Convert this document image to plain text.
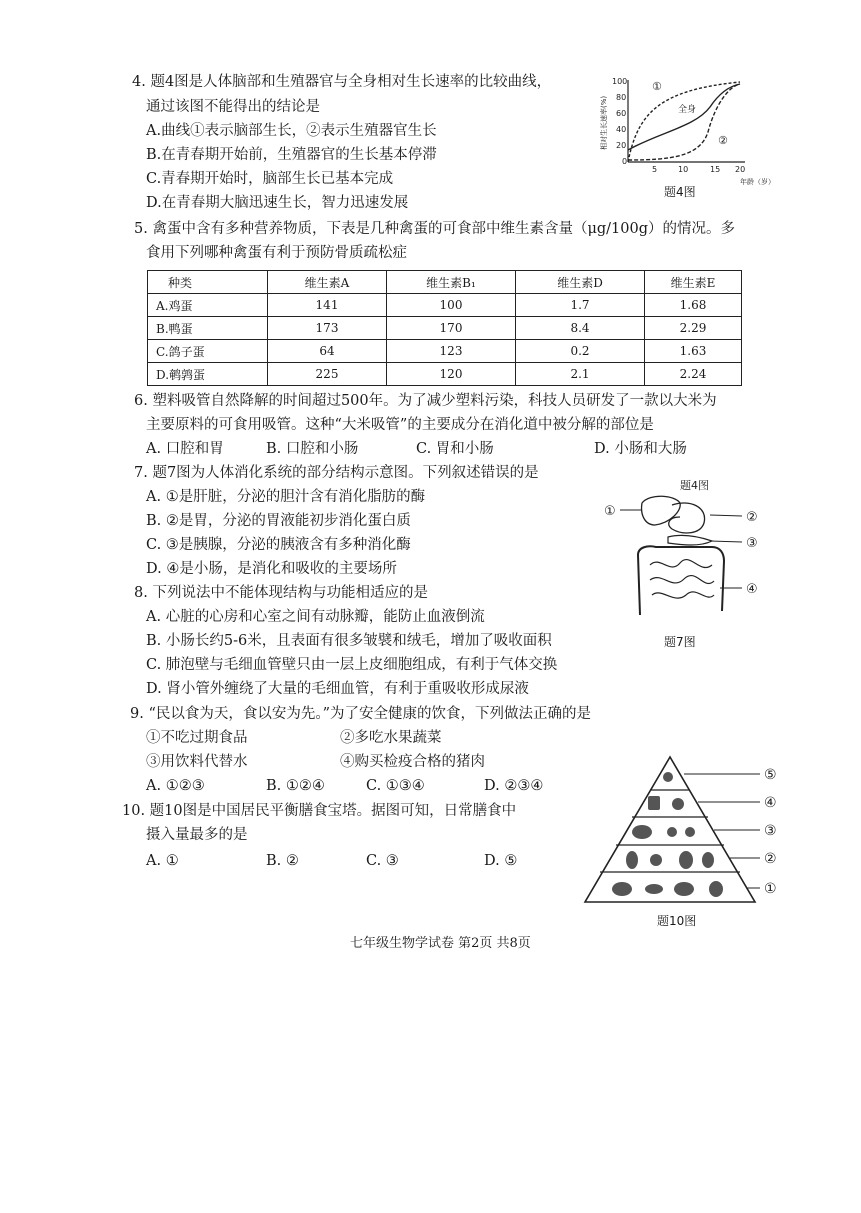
4. 题4图是人体脑部和生殖器官与全身相对生长速率的比较曲线，
通过该图不能得出的结论是
A.曲线①表示脑部生长，②表示生殖器官生长
B.在青春期开始前，生殖器官的生长基本停滞
C.青春期开始时，脑部生长已基本完成
D.在青春期大脑迅速生长，智力迅速发展
相对生长速率(%)
100
80
60
40
20
0
5	10	15 20
年龄（岁）
①
全身
②
题4图
5. 禽蛋中含有多种营养物质，下表是几种禽蛋的可食部中维生素含量（μg/100g）的情况。多
食用下列哪种禽蛋有利于预防骨质疏松症
种类	维生素A	维生素B₁	维生素D	维生素E
A.鸡蛋	141	100	1.7	1.68
B.鸭蛋	173	170	8.4	2.29
C.鸽子蛋	64	123	0.2	1.63
D.鹌鹑蛋	225	120	2.1	2.24
6. 塑料吸管自然降解的时间超过500年。为了减少塑料污染，科技人员研发了一款以大米为
主要原料的可食用吸管。这种“大米吸管”的主要成分在消化道中被分解的部位是
A. 口腔和胃	B. 口腔和小肠	C. 胃和小肠	D. 小肠和大肠
7. 题7图为人体消化系统的部分结构示意图。下列叙述错误的是
A. ①是肝脏，分泌的胆汁含有消化脂肪的酶
B. ②是胃，分泌的胃液能初步消化蛋白质
C. ③是胰腺，分泌的胰液含有多种消化酶
D. ④是小肠，是消化和吸收的主要场所
题4图
①	②
③
④
题7图
8. 下列说法中不能体现结构与功能相适应的是
A. 心脏的心房和心室之间有动脉瓣，能防止血液倒流
B. 小肠长约5-6米，且表面有很多皱襞和绒毛，增加了吸收面积
C. 肺泡壁与毛细血管壁只由一层上皮细胞组成，有利于气体交换
D. 肾小管外缠绕了大量的毛细血管，有利于重吸收形成尿液
9. “民以食为天，食以安为先。”为了安全健康的饮食，下列做法正确的是
①不吃过期食品	②多吃水果蔬菜
③用饮料代替水	④购买检疫合格的猪肉
A. ①②③	B. ①②④	C. ①③④	D. ②③④
10. 题10图是中国居民平衡膳食宝塔。据图可知，日常膳食中
摄入量最多的是
A. ①	B. ②	C. ③	D. ⑤
⑤
④
③
②
①
题10图
七年级生物学试卷 第2页 共8页
